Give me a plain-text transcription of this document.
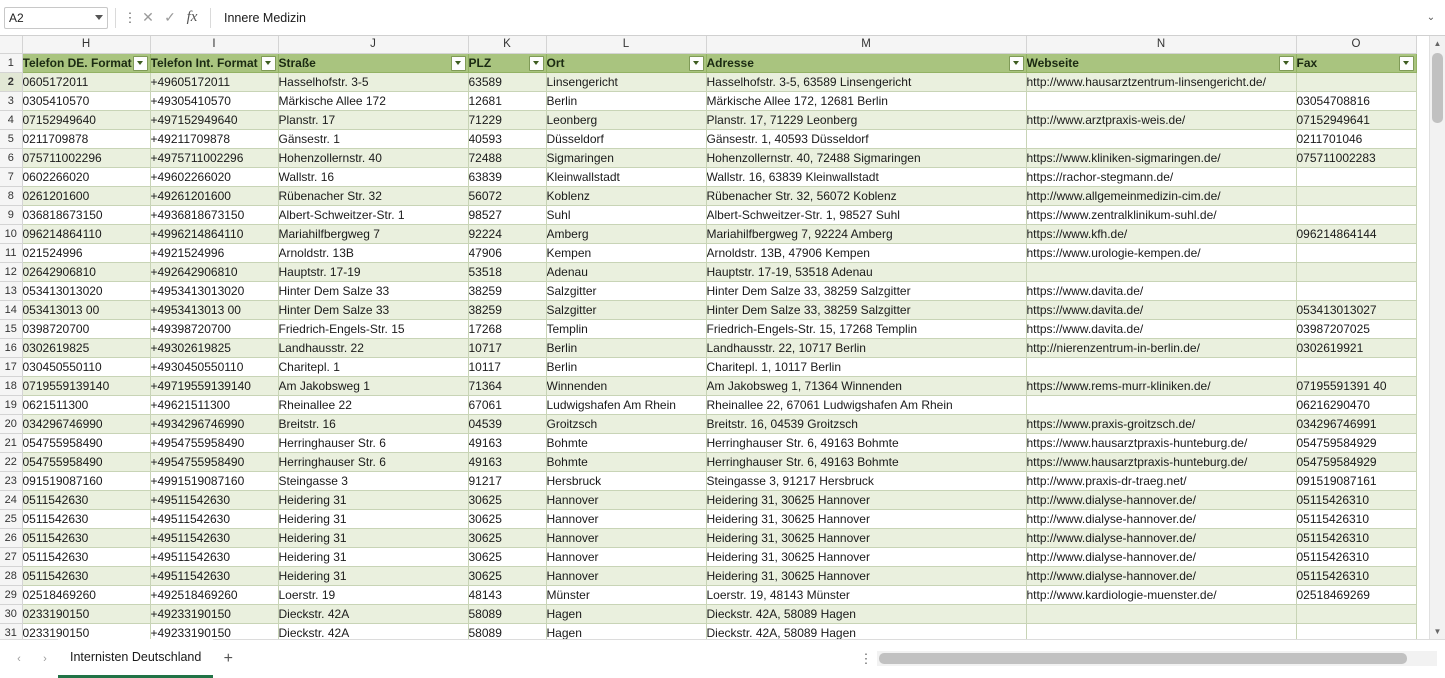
A2	⋮ ✕ ✓ fx	Innere Medizin	⌄
	H	I	J	K	L	M	N	O
1	Telefon DE. Format	Telefon Int. Format	Straße	PLZ	Ort	Adresse	Webseite	Fax

2	0605172011	+49605172011	Hasselhofstr. 3-5	63589	Linsengericht	Hasselhofstr. 3-5, 63589 Linsengericht	http://www.hausarztzentrum-linsengericht.de/	
3	0305410570	+49305410570	Märkische Allee 172	12681	Berlin	Märkische Allee 172, 12681 Berlin		03054708816
4	07152949640	+497152949640	Planstr. 17	71229	Leonberg	Planstr. 17, 71229 Leonberg	http://www.arztpraxis-weis.de/	07152949641
5	0211709878	+49211709878	Gänsestr. 1	40593	Düsseldorf	Gänsestr. 1, 40593 Düsseldorf		0211701046
6	075711002296	+4975711002296	Hohenzollernstr. 40	72488	Sigmaringen	Hohenzollernstr. 40, 72488 Sigmaringen	https://www.kliniken-sigmaringen.de/	075711002283
7	0602266020	+49602266020	Wallstr. 16	63839	Kleinwallstadt	Wallstr. 16, 63839 Kleinwallstadt	https://rachor-stegmann.de/	
8	0261201600	+49261201600	Rübenacher Str. 32	56072	Koblenz	Rübenacher Str. 32, 56072 Koblenz	http://www.allgemeinmedizin-cim.de/	
9	036818673150	+4936818673150	Albert-Schweitzer-Str. 1	98527	Suhl	Albert-Schweitzer-Str. 1, 98527 Suhl	https://www.zentralklinikum-suhl.de/	
10	096214864110	+4996214864110	Mariahilfbergweg 7	92224	Amberg	Mariahilfbergweg 7, 92224 Amberg	https://www.kfh.de/	096214864144
11	021524996	+4921524996	Arnoldstr. 13B	47906	Kempen	Arnoldstr. 13B, 47906 Kempen	https://www.urologie-kempen.de/	
12	02642906810	+492642906810	Hauptstr. 17-19	53518	Adenau	Hauptstr. 17-19, 53518 Adenau		
13	053413013020	+4953413013020	Hinter Dem Salze 33	38259	Salzgitter	Hinter Dem Salze 33, 38259 Salzgitter	https://www.davita.de/	
14	053413013 00	+4953413013 00	Hinter Dem Salze 33	38259	Salzgitter	Hinter Dem Salze 33, 38259 Salzgitter	https://www.davita.de/	053413013027
15	0398720700	+49398720700	Friedrich-Engels-Str. 15	17268	Templin	Friedrich-Engels-Str. 15, 17268 Templin	https://www.davita.de/	03987207025
16	0302619825	+49302619825	Landhausstr. 22	10717	Berlin	Landhausstr. 22, 10717 Berlin	http://nierenzentrum-in-berlin.de/	0302619921
17	030450550110	+4930450550110	Charitepl. 1	10117	Berlin	Charitepl. 1, 10117 Berlin		
18	0719559139140	+49719559139140	Am Jakobsweg 1	71364	Winnenden	Am Jakobsweg 1, 71364 Winnenden	https://www.rems-murr-kliniken.de/	07195591391 40
19	0621511300	+49621511300	Rheinallee 22	67061	Ludwigshafen Am Rhein	Rheinallee 22, 67061 Ludwigshafen Am Rhein		06216290470
20	034296746990	+4934296746990	Breitstr. 16	04539	Groitzsch	Breitstr. 16, 04539 Groitzsch	https://www.praxis-groitzsch.de/	034296746991
21	054755958490	+4954755958490	Herringhauser Str. 6	49163	Bohmte	Herringhauser Str. 6, 49163 Bohmte	https://www.hausarztpraxis-hunteburg.de/	054759584929
22	054755958490	+4954755958490	Herringhauser Str. 6	49163	Bohmte	Herringhauser Str. 6, 49163 Bohmte	https://www.hausarztpraxis-hunteburg.de/	054759584929
23	091519087160	+4991519087160	Steingasse 3	91217	Hersbruck	Steingasse 3, 91217 Hersbruck	http://www.praxis-dr-traeg.net/	091519087161
24	0511542630	+49511542630	Heidering 31	30625	Hannover	Heidering 31, 30625 Hannover	http://www.dialyse-hannover.de/	05115426310
25	0511542630	+49511542630	Heidering 31	30625	Hannover	Heidering 31, 30625 Hannover	http://www.dialyse-hannover.de/	05115426310
26	0511542630	+49511542630	Heidering 31	30625	Hannover	Heidering 31, 30625 Hannover	http://www.dialyse-hannover.de/	05115426310
27	0511542630	+49511542630	Heidering 31	30625	Hannover	Heidering 31, 30625 Hannover	http://www.dialyse-hannover.de/	05115426310
28	0511542630	+49511542630	Heidering 31	30625	Hannover	Heidering 31, 30625 Hannover	http://www.dialyse-hannover.de/	05115426310
29	02518469260	+492518469260	Loerstr. 19	48143	Münster	Loerstr. 19, 48143 Münster	http://www.kardiologie-muenster.de/	02518469269
30	0233190150	+49233190150	Dieckstr. 42A	58089	Hagen	Dieckstr. 42A, 58089 Hagen		
31	0233190150	+49233190150	Dieckstr. 42A	58089	Hagen	Dieckstr. 42A, 58089 Hagen		

▲
▼
‹	›	Internisten Deutschland	+	⋮
